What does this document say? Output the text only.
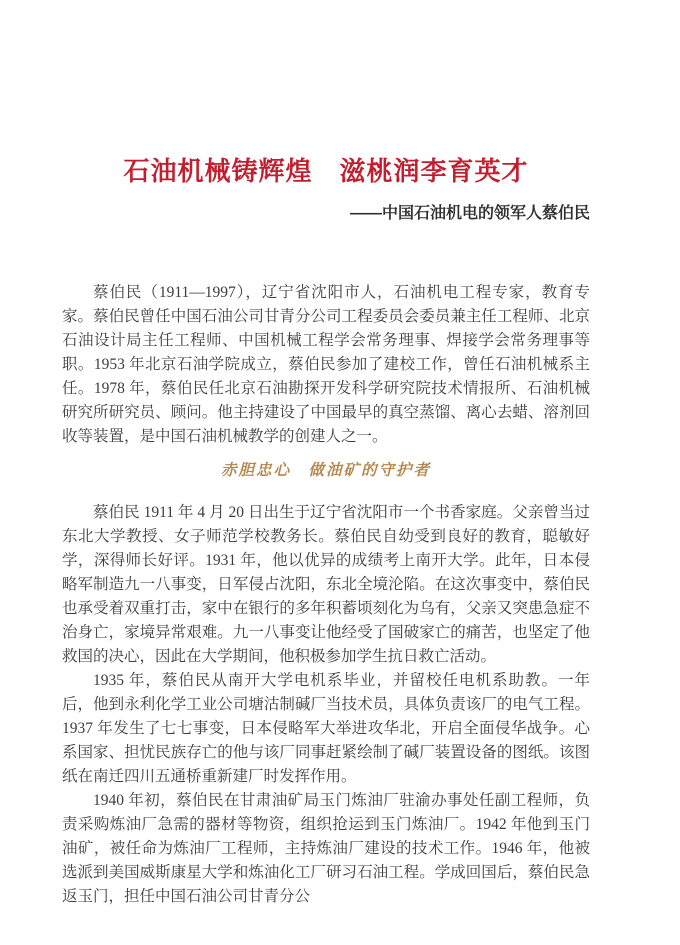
石油机械铸辉煌　滋桃润李育英才
——中国石油机电的领军人蔡伯民

蔡伯民（1911—1997），辽宁省沈阳市人，石油机电工程专家，教育专家。蔡伯民曾任中国石油公司甘青分公司工程委员会委员兼主任工程师、北京石油设计局主任工程师、中国机械工程学会常务理事、焊接学会常务理事等职。1953 年北京石油学院成立，蔡伯民参加了建校工作，曾任石油机械系主任。1978 年，蔡伯民任北京石油勘探开发科学研究院技术情报所、石油机械研究所研究员、顾问。他主持建设了中国最早的真空蒸馏、离心去蜡、溶剂回收等装置，是中国石油机械教学的创建人之一。

赤胆忠心　做油矿的守护者

蔡伯民 1911 年 4 月 20 日出生于辽宁省沈阳市一个书香家庭。父亲曾当过东北大学教授、女子师范学校教务长。蔡伯民自幼受到良好的教育，聪敏好学，深得师长好评。1931 年，他以优异的成绩考上南开大学。此年，日本侵略军制造九一八事变，日军侵占沈阳，东北全境沦陷。在这次事变中，蔡伯民也承受着双重打击，家中在银行的多年积蓄顷刻化为乌有，父亲又突患急症不治身亡，家境异常艰难。九一八事变让他经受了国破家亡的痛苦，也坚定了他救国的决心，因此在大学期间，他积极参加学生抗日救亡活动。

1935 年，蔡伯民从南开大学电机系毕业，并留校任电机系助教。一年后，他到永利化学工业公司塘沽制碱厂当技术员，具体负责该厂的电气工程。1937 年发生了七七事变，日本侵略军大举进攻华北，开启全面侵华战争。心系国家、担忧民族存亡的他与该厂同事赶紧绘制了碱厂装置设备的图纸。该图纸在南迁四川五通桥重新建厂时发挥作用。

1940 年初，蔡伯民在甘肃油矿局玉门炼油厂驻渝办事处任副工程师，负责采购炼油厂急需的器材等物资，组织抢运到玉门炼油厂。1942 年他到玉门油矿，被任命为炼油厂工程师，主持炼油厂建设的技术工作。1946 年，他被选派到美国威斯康星大学和炼油化工厂研习石油工程。学成回国后，蔡伯民急返玉门，担任中国石油公司甘青分公
